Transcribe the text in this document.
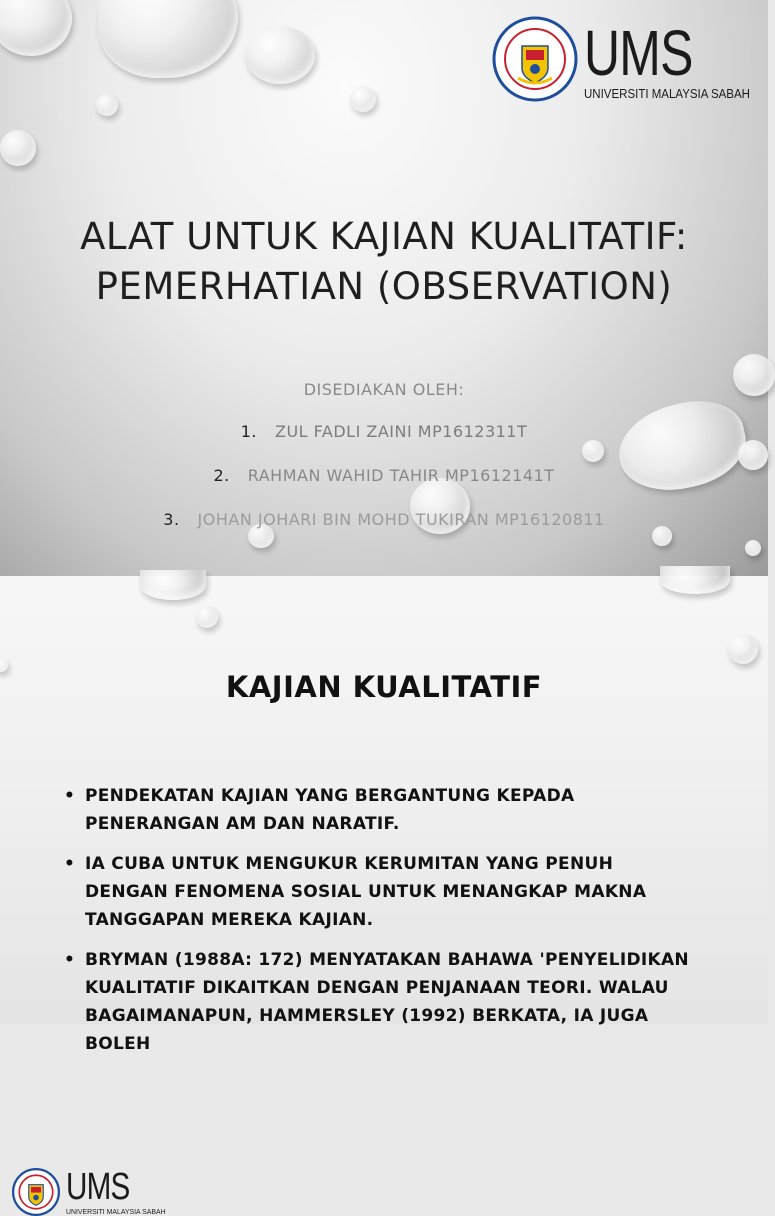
UMS
UNIVERSITI MALAYSIA SABAH
ALAT UNTUK KAJIAN KUALITATIF:
PEMERHATIAN (OBSERVATION)
DISEDIAKAN OLEH:
1. ZUL FADLI ZAINI MP1612311T
2. RAHMAN WAHID TAHIR MP1612141T
3. JOHAN JOHARI BIN MOHD TUKIRAN MP16120811
UMS
UNIVERSITI MALAYSIA SABAH
KAJIAN KUALITATIF
• PENDEKATAN KAJIAN YANG BERGANTUNG KEPADA PENERANGAN AM DAN NARATIF.
• IA CUBA UNTUK MENGUKUR KERUMITAN YANG PENUH DENGAN FENOMENA SOSIAL UNTUK MENANGKAP MAKNA TANGGAPAN MEREKA KAJIAN.
• BRYMAN (1988A: 172) MENYATAKAN BAHAWA 'PENYELIDIKAN KUALITATIF DIKAITKAN DENGAN PENJANAAN TEORI. WALAU BAGAIMANAPUN, HAMMERSLEY (1992) BERKATA, IA JUGA BOLEH
